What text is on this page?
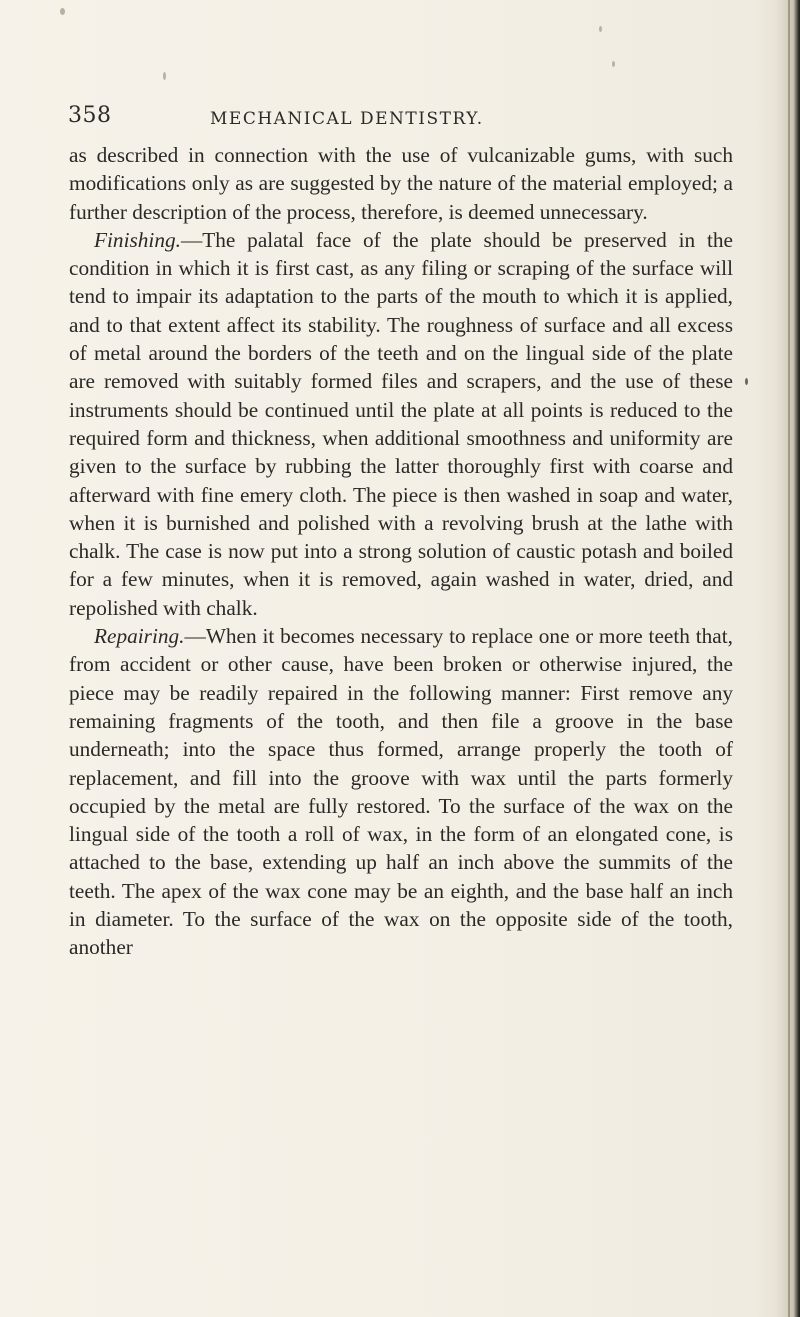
358	MECHANICAL DENTISTRY.

as described in connection with the use of vulcanizable gums, with such modifications only as are suggested by the nature of the material employed; a further description of the process, therefore, is deemed unnecessary.

Finishing.—The palatal face of the plate should be preserved in the condition in which it is first cast, as any filing or scraping of the surface will tend to impair its adaptation to the parts of the mouth to which it is applied, and to that extent affect its stability. The roughness of surface and all excess of metal around the borders of the teeth and on the lingual side of the plate are removed with suitably formed files and scrapers, and the use of these instruments should be continued until the plate at all points is reduced to the required form and thickness, when additional smoothness and uniformity are given to the surface by rubbing the latter thoroughly first with coarse and afterward with fine emery cloth. The piece is then washed in soap and water, when it is burnished and polished with a revolving brush at the lathe with chalk. The case is now put into a strong solution of caustic potash and boiled for a few minutes, when it is removed, again washed in water, dried, and repolished with chalk.

Repairing.—When it becomes necessary to replace one or more teeth that, from accident or other cause, have been broken or otherwise injured, the piece may be readily repaired in the following manner: First remove any remaining fragments of the tooth, and then file a groove in the base underneath; into the space thus formed, arrange properly the tooth of replacement, and fill into the groove with wax until the parts formerly occupied by the metal are fully restored. To the surface of the wax on the lingual side of the tooth a roll of wax, in the form of an elongated cone, is attached to the base, extending up half an inch above the summits of the teeth. The apex of the wax cone may be an eighth, and the base half an inch in diameter. To the surface of the wax on the opposite side of the tooth, another
